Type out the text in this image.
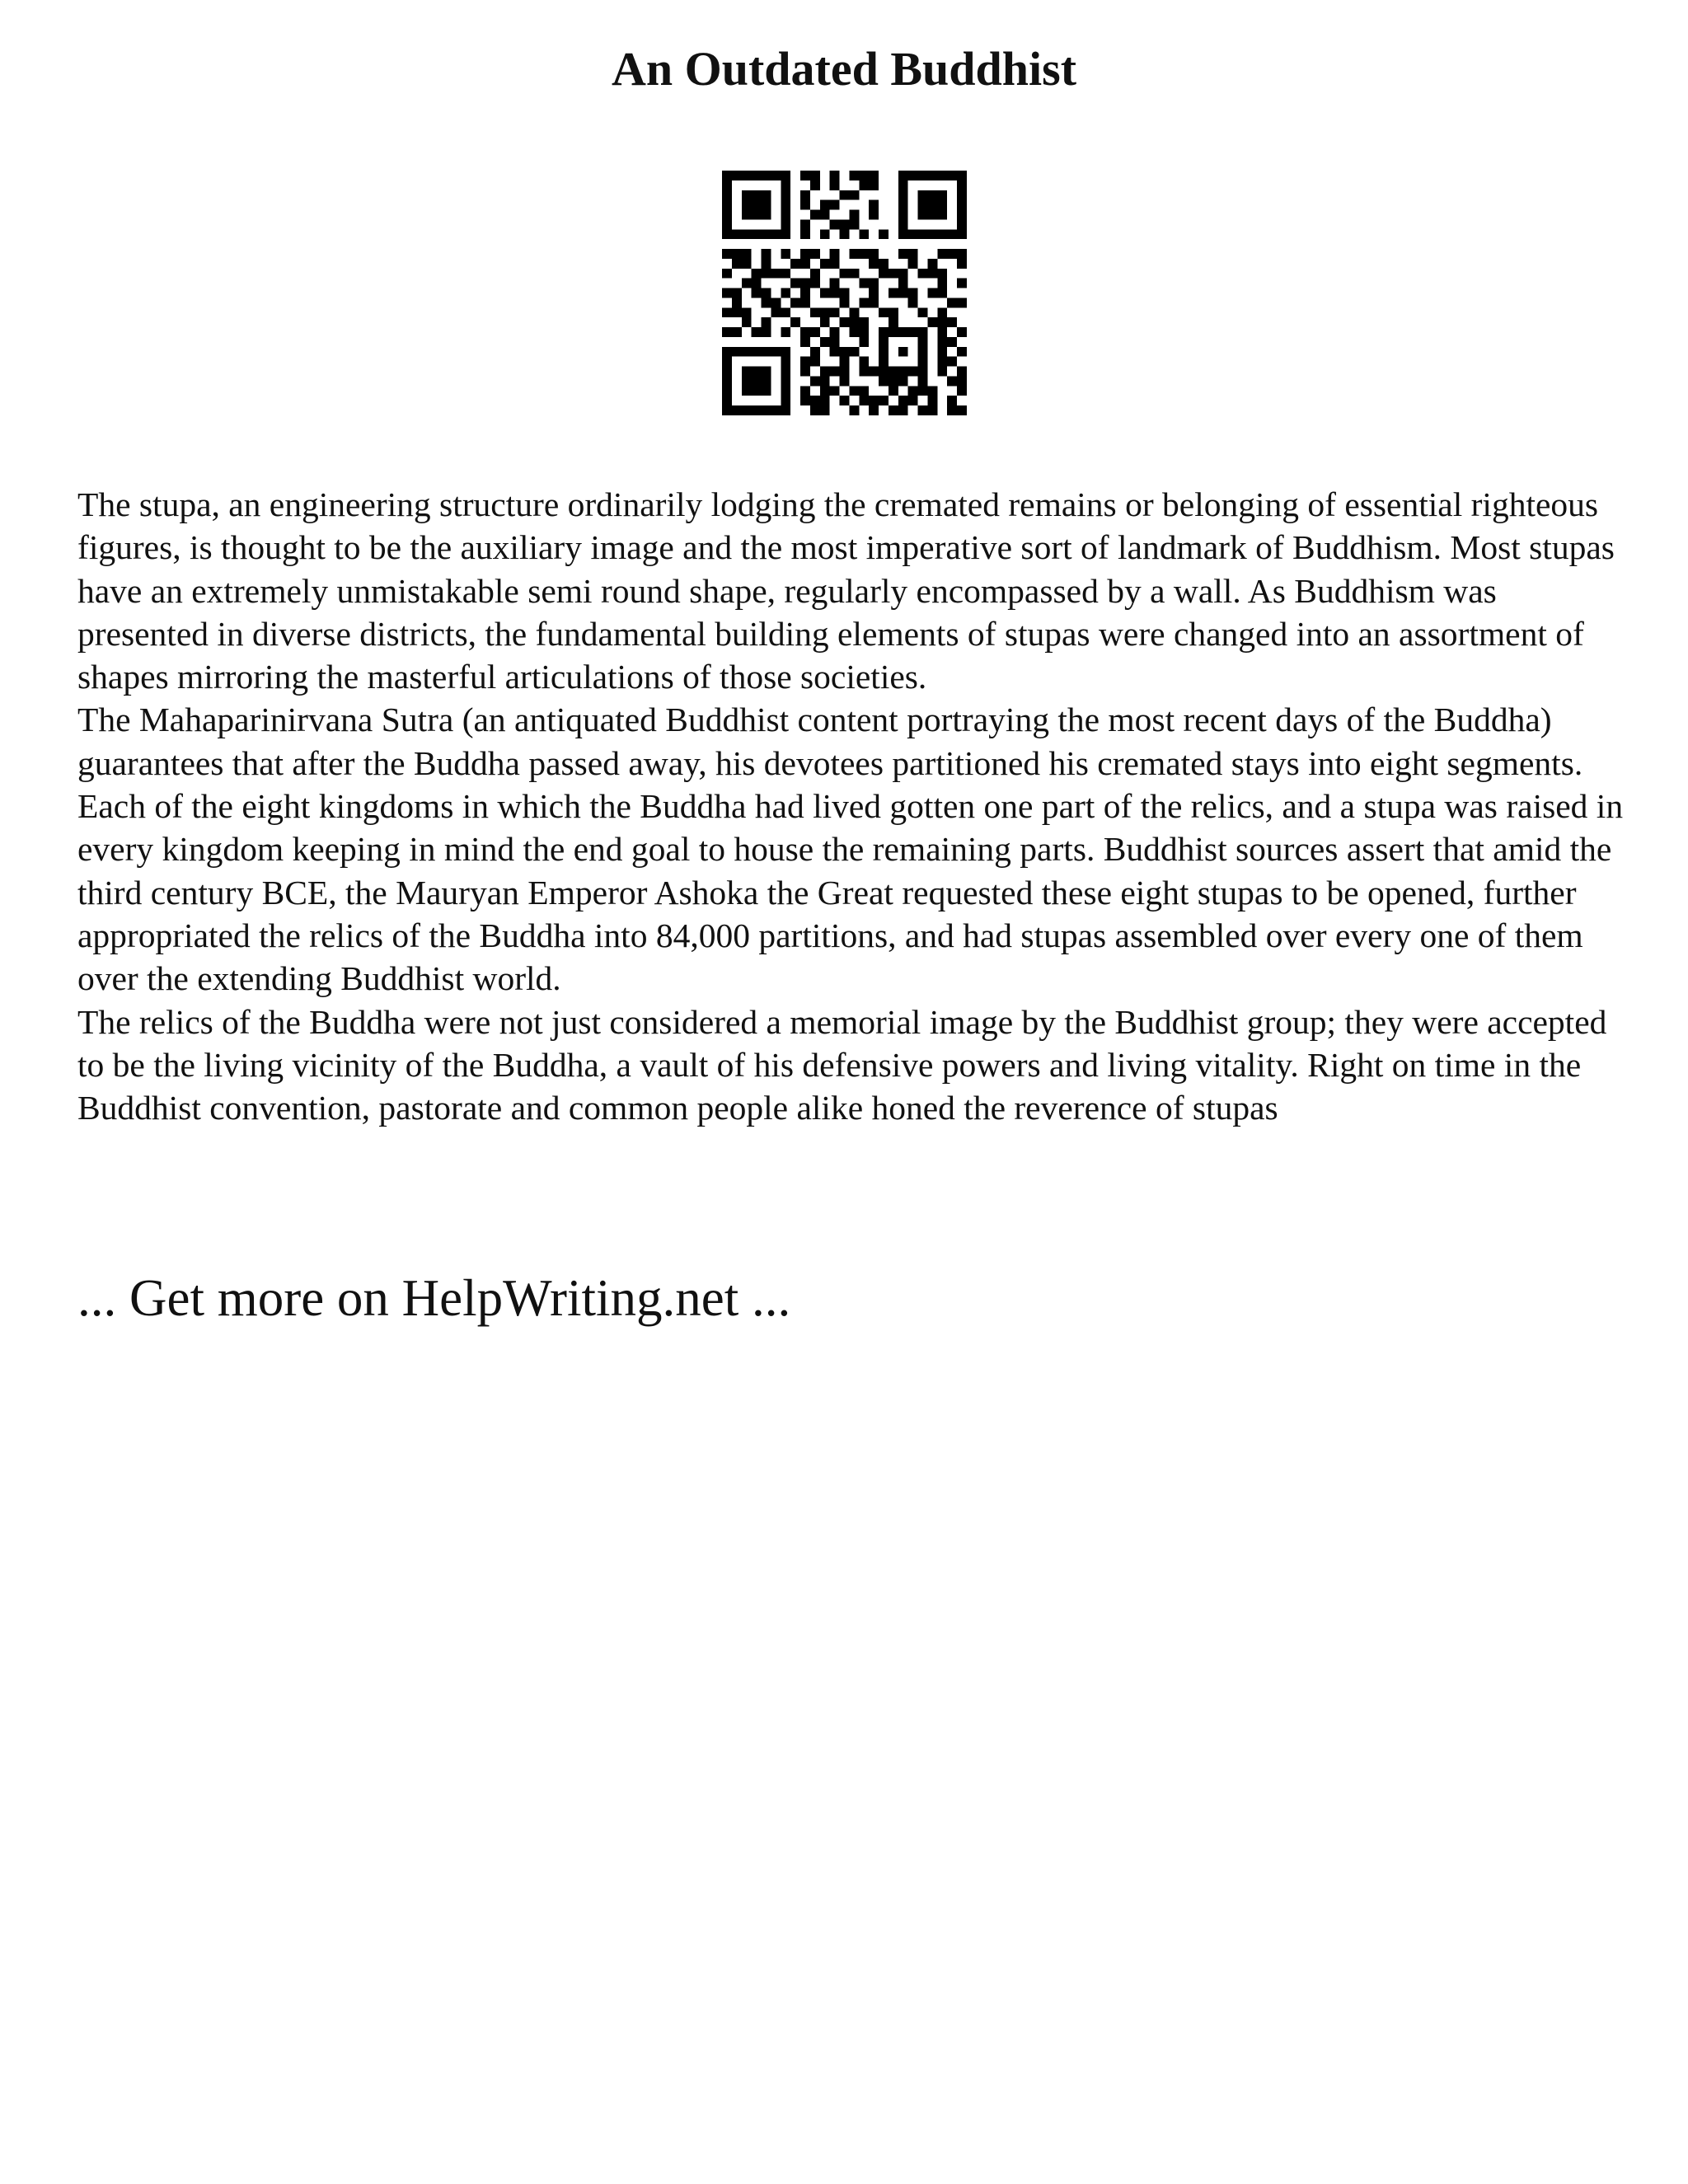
An Outdated Buddhist

The stupa, an engineering structure ordinarily lodging the cremated remains or belonging of essential righteous figures, is thought to be the auxiliary image and the most imperative sort of landmark of Buddhism. Most stupas have an extremely unmistakable semi round shape, regularly encompassed by a wall. As Buddhism was presented in diverse districts, the fundamental building elements of stupas were changed into an assortment of shapes mirroring the masterful articulations of those societies.

The Mahaparinirvana Sutra (an antiquated Buddhist content portraying the most recent days of the Buddha) guarantees that after the Buddha passed away, his devotees partitioned his cremated stays into eight segments. Each of the eight kingdoms in which the Buddha had lived gotten one part of the relics, and a stupa was raised in every kingdom keeping in mind the end goal to house the remaining parts. Buddhist sources assert that amid the third century BCE, the Mauryan Emperor Ashoka the Great requested these eight stupas to be opened, further appropriated the relics of the Buddha into 84,000 partitions, and had stupas assembled over every one of them over the extending Buddhist world.

The relics of the Buddha were not just considered a memorial image by the Buddhist group; they were accepted to be the living vicinity of the Buddha, a vault of his defensive powers and living vitality. Right on time in the Buddhist convention, pastorate and common people alike honed the reverence of stupas

... Get more on HelpWriting.net ...
